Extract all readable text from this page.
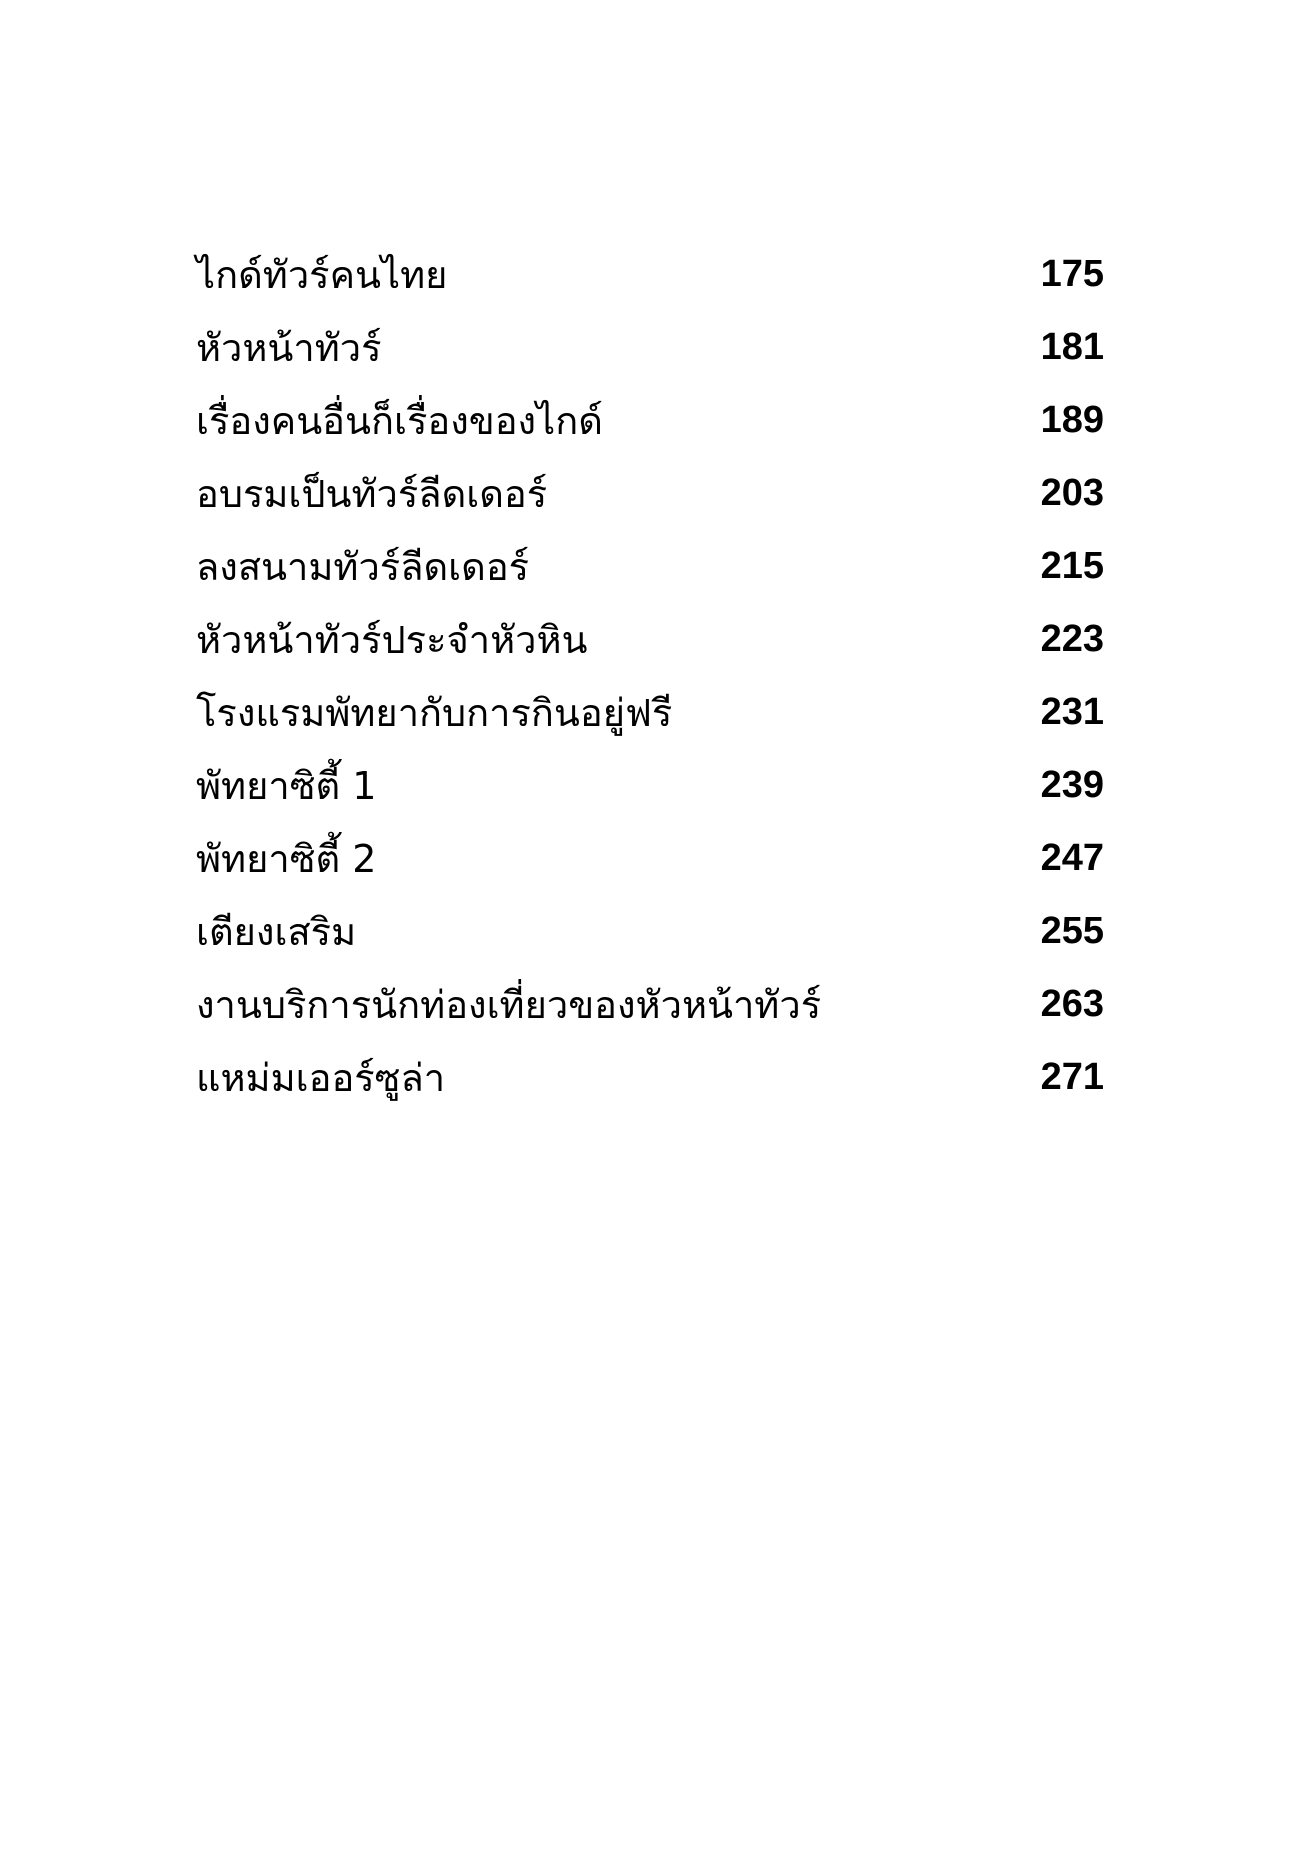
ไกด์ทัวร์คนไทย	175
หัวหน้าทัวร์	181
เรื่องคนอื่นก็เรื่องของไกด์	189
อบรมเป็นทัวร์ลีดเดอร์	203
ลงสนามทัวร์ลีดเดอร์	215
หัวหน้าทัวร์ประจำหัวหิน	223
โรงแรมพัทยากับการกินอยู่ฟรี	231
พัทยาซิตี้ 1	239
พัทยาซิตี้ 2	247
เตียงเสริม	255
งานบริการนักท่องเที่ยวของหัวหน้าทัวร์	263
แหม่มเออร์ซูล่า	271
